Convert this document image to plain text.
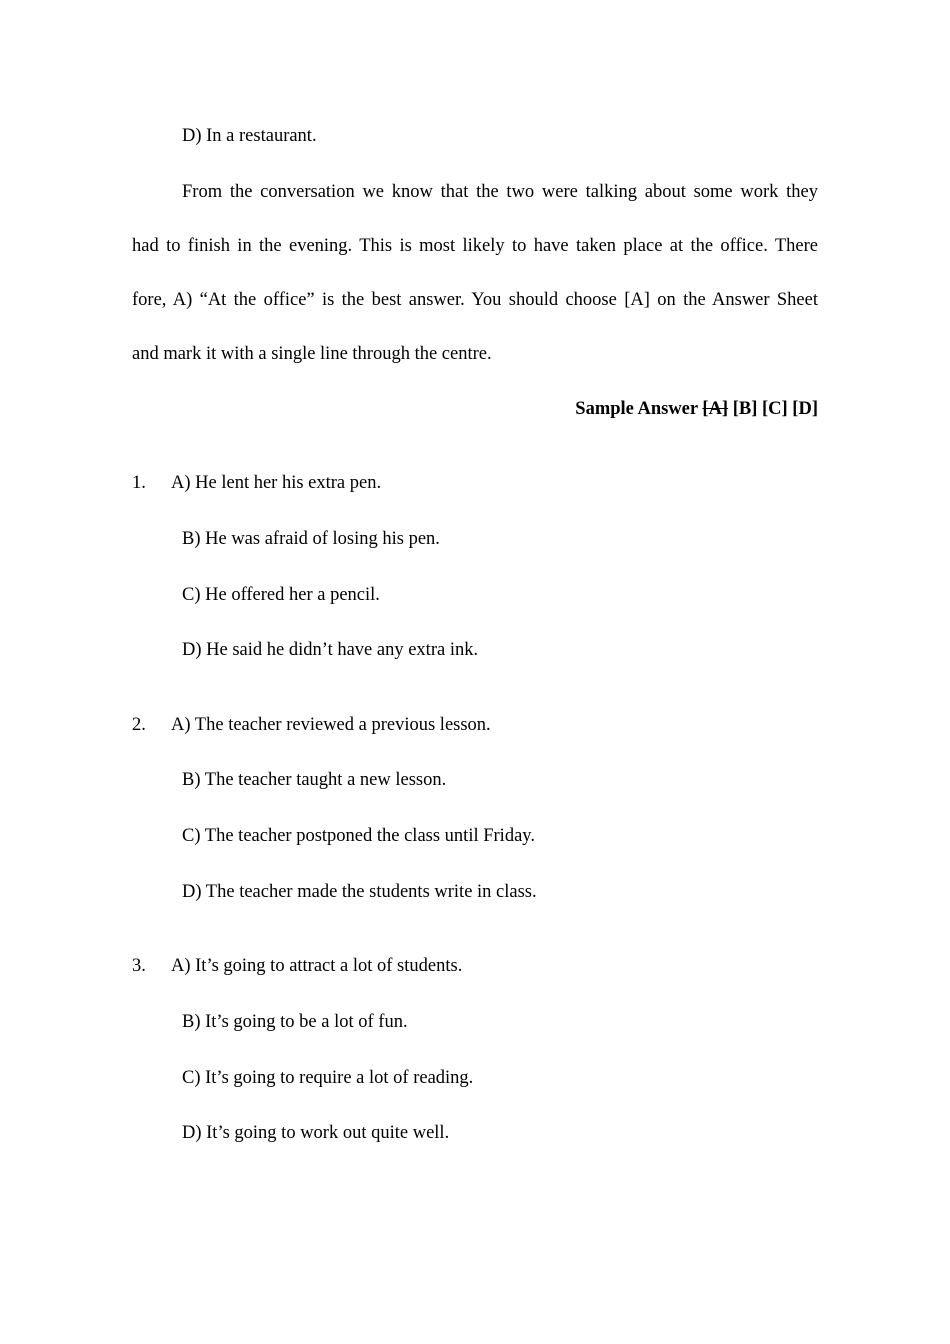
D) In a restaurant.
From the conversation we know that the two were talking about some work they
had to finish in the evening. This is most likely to have taken place at the office. There
fore, A) “At the office” is the best answer. You should choose [A] on the Answer Sheet
and mark it with a single line through the centre.
Sample Answer [A] [B] [C] [D]
1. A) He lent her his extra pen.
B) He was afraid of losing his pen.
C) He offered her a pencil.
D) He said he didn’t have any extra ink.
2. A) The teacher reviewed a previous lesson.
B) The teacher taught a new lesson.
C) The teacher postponed the class until Friday.
D) The teacher made the students write in class.
3. A) It’s going to attract a lot of students.
B) It’s going to be a lot of fun.
C) It’s going to require a lot of reading.
D) It’s going to work out quite well.
